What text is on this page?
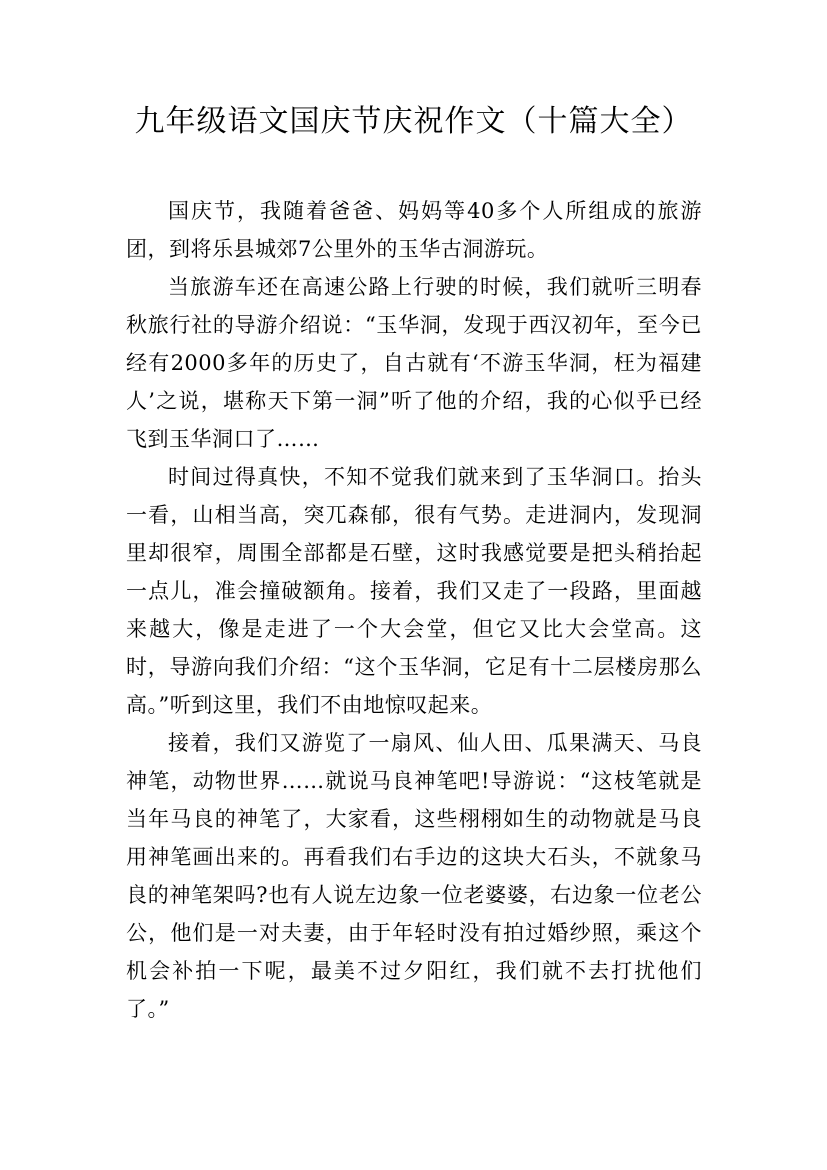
九年级语文国庆节庆祝作文（十篇大全）

国庆节，我随着爸爸、妈妈等40多个人所组成的旅游团，到将乐县城郊7公里外的玉华古洞游玩。

当旅游车还在高速公路上行驶的时候，我们就听三明春秋旅行社的导游介绍说：“玉华洞，发现于西汉初年，至今已经有2000多年的历史了，自古就有‘不游玉华洞，枉为福建人’之说，堪称天下第一洞”听了他的介绍，我的心似乎已经飞到玉华洞口了……

时间过得真快，不知不觉我们就来到了玉华洞口。抬头一看，山相当高，突兀森郁，很有气势。走进洞内，发现洞里却很窄，周围全部都是石壁，这时我感觉要是把头稍抬起一点儿，准会撞破额角。接着，我们又走了一段路，里面越来越大，像是走进了一个大会堂，但它又比大会堂高。这时，导游向我们介绍：“这个玉华洞，它足有十二层楼房那么高。”听到这里，我们不由地惊叹起来。

接着，我们又游览了一扇风、仙人田、瓜果满天、马良神笔，动物世界……就说马良神笔吧!导游说：“这枝笔就是当年马良的神笔了，大家看，这些栩栩如生的动物就是马良用神笔画出来的。再看我们右手边的这块大石头，不就象马良的神笔架吗?也有人说左边象一位老婆婆，右边象一位老公公，他们是一对夫妻，由于年轻时没有拍过婚纱照，乘这个机会补拍一下呢，最美不过夕阳红，我们就不去打扰他们了。”
